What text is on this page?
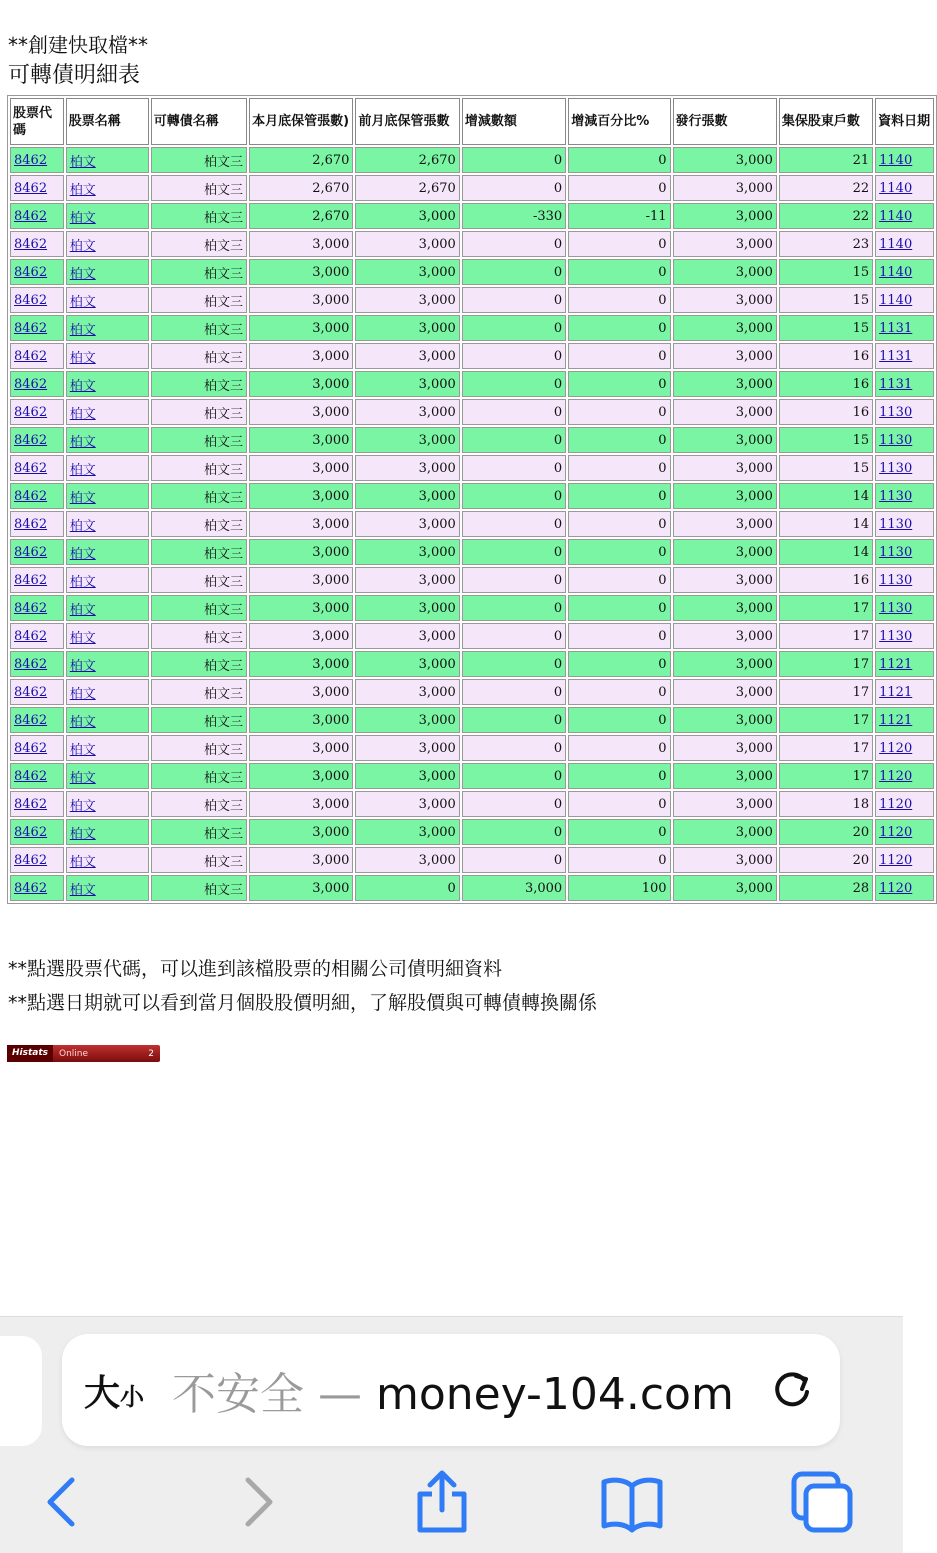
**創建快取檔**
可轉債明細表
股票代碼	股票名稱	可轉債名稱	本月底保管張數)	前月底保管張數	增減數額	增減百分比%	發行張數	集保股東戶數	資料日期
8462	柏文	柏文三	2,670	2,670	0	0	3,000	21	1140
8462	柏文	柏文三	2,670	2,670	0	0	3,000	22	1140
8462	柏文	柏文三	2,670	3,000	-330	-11	3,000	22	1140
8462	柏文	柏文三	3,000	3,000	0	0	3,000	23	1140
8462	柏文	柏文三	3,000	3,000	0	0	3,000	15	1140
8462	柏文	柏文三	3,000	3,000	0	0	3,000	15	1140
8462	柏文	柏文三	3,000	3,000	0	0	3,000	15	1131
8462	柏文	柏文三	3,000	3,000	0	0	3,000	16	1131
8462	柏文	柏文三	3,000	3,000	0	0	3,000	16	1131
8462	柏文	柏文三	3,000	3,000	0	0	3,000	16	1130
8462	柏文	柏文三	3,000	3,000	0	0	3,000	15	1130
8462	柏文	柏文三	3,000	3,000	0	0	3,000	15	1130
8462	柏文	柏文三	3,000	3,000	0	0	3,000	14	1130
8462	柏文	柏文三	3,000	3,000	0	0	3,000	14	1130
8462	柏文	柏文三	3,000	3,000	0	0	3,000	14	1130
8462	柏文	柏文三	3,000	3,000	0	0	3,000	16	1130
8462	柏文	柏文三	3,000	3,000	0	0	3,000	17	1130
8462	柏文	柏文三	3,000	3,000	0	0	3,000	17	1130
8462	柏文	柏文三	3,000	3,000	0	0	3,000	17	1121
8462	柏文	柏文三	3,000	3,000	0	0	3,000	17	1121
8462	柏文	柏文三	3,000	3,000	0	0	3,000	17	1121
8462	柏文	柏文三	3,000	3,000	0	0	3,000	17	1120
8462	柏文	柏文三	3,000	3,000	0	0	3,000	17	1120
8462	柏文	柏文三	3,000	3,000	0	0	3,000	18	1120
8462	柏文	柏文三	3,000	3,000	0	0	3,000	20	1120
8462	柏文	柏文三	3,000	3,000	0	0	3,000	20	1120
8462	柏文	柏文三	3,000	0	3,000	100	3,000	28	1120
**點選股票代碼，可以進到該檔股票的相關公司債明細資料
**點選日期就可以看到當月個股股價明細，了解股價與可轉債轉換關係
Histats	Online	2
大小 不安全 — money-104.com
